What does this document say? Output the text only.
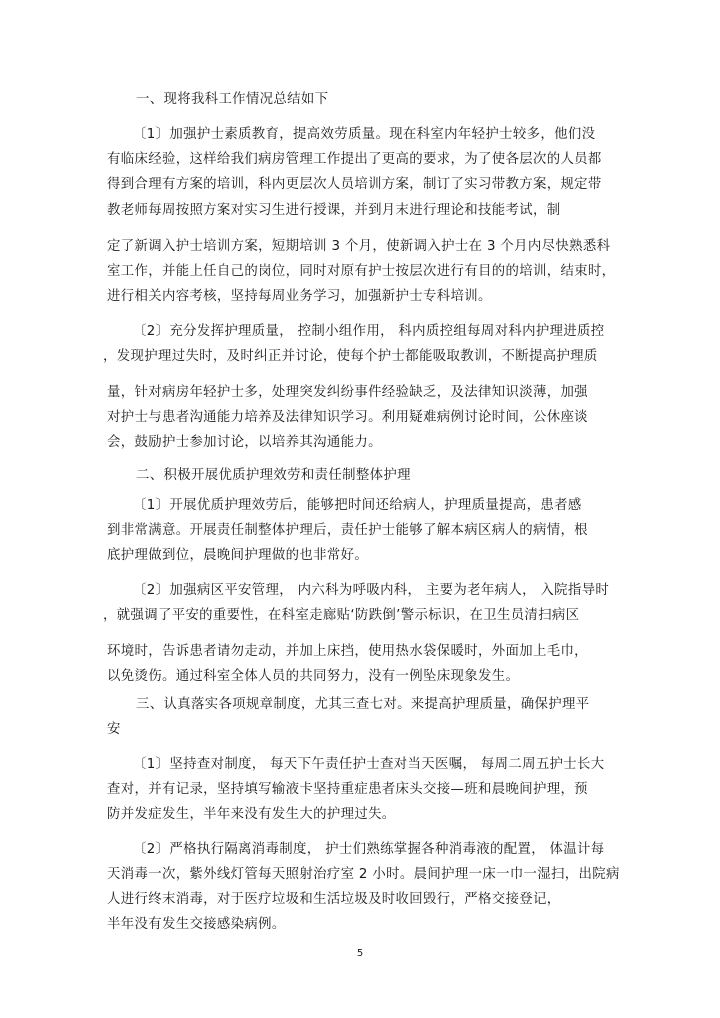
一、现将我科工作情况总结如下
〔1〕加强护士素质教育，提高效劳质量。现在科室内年轻护士较多，他们没
有临床经验，这样给我们病房管理工作提出了更高的要求，为了使各层次的人员都
得到合理有方案的培训，科内更层次人员培训方案，制订了实习带教方案，规定带
教老师每周按照方案对实习生进行授课，并到月末进行理论和技能考试，制
定了新调入护士培训方案，短期培训 3 个月，使新调入护士在 3 个月内尽快熟悉科
室工作，并能上任自己的岗位，同时对原有护士按层次进行有目的的培训，结束时，
进行相关内容考核，坚持每周业务学习，加强新护士专科培训。
〔2〕充分发挥护理质量， 控制小组作用， 科内质控组每周对科内护理进质控
，发现护理过失时，及时纠正并讨论，使每个护士都能吸取教训，不断提高护理质
量，针对病房年轻护士多，处理突发纠纷事件经验缺乏，及法律知识淡薄，加强
对护士与患者沟通能力培养及法律知识学习。利用疑难病例讨论时间，公休座谈
会，鼓励护士参加讨论，以培养其沟通能力。
二、积极开展优质护理效劳和责任制整体护理
〔1〕开展优质护理效劳后，能够把时间还给病人，护理质量提高，患者感
到非常满意。开展责任制整体护理后，责任护士能够了解本病区病人的病情，根
底护理做到位，晨晚间护理做的也非常好。
〔2〕加强病区平安管理， 内六科为呼吸内科， 主要为老年病人， 入院指导时
，就强调了平安的重要性，在科室走廊贴‘防跌倒’警示标识，在卫生员清扫病区
环境时，告诉患者请勿走动，并加上床挡，使用热水袋保暖时，外面加上毛巾，
以免烫伤。通过科室全体人员的共同努力，没有一例坠床现象发生。
三、认真落实各项规章制度，尤其三查七对。来提高护理质量，确保护理平
安
〔1〕坚持查对制度， 每天下午责任护士查对当天医嘱， 每周二周五护士长大
查对，并有记录，坚持填写输液卡坚持重症患者床头交接—班和晨晚间护理，预
防并发症发生，半年来没有发生大的护理过失。
〔2〕严格执行隔离消毒制度， 护士们熟练掌握各种消毒液的配置， 体温计每
天消毒一次，紫外线灯管每天照射治疗室 2 小时。晨间护理一床一巾一湿扫，出院病
人进行终末消毒，对于医疗垃圾和生活垃圾及时收回毁行，严格交接登记，
半年没有发生交接感染病例。
5
